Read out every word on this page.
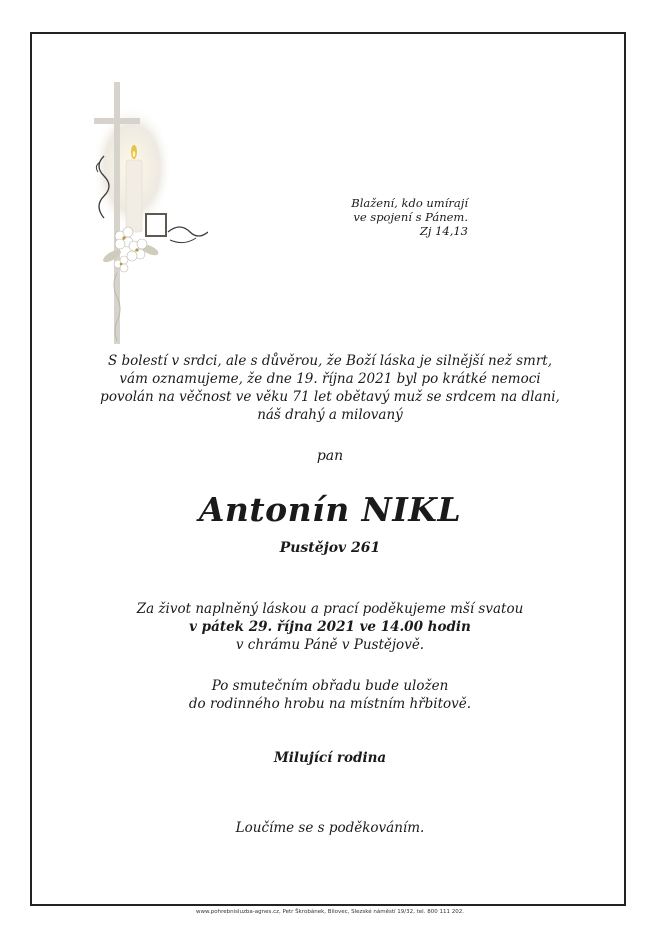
Blažení, kdo umírají
ve spojení s Pánem.
Zj 14,13
S bolestí v srdci, ale s důvěrou, že Boží láska je silnější než smrt,
vám oznamujeme, že dne 19. října 2021 byl po krátké nemoci
povolán na věčnost ve věku 71 let obětavý muž se srdcem na dlani,
náš drahý a milovaný
pan
Antonín NIKL
Pustějov 261
Za život naplněný láskou a prací poděkujeme mší svatou
v pátek 29. října 2021 ve 14.00 hodin
v chrámu Páně v Pustějově.
Po smutečním obřadu bude uložen
do rodinného hrobu na místním hřbitově.
Milující rodina
Loučíme se s poděkováním.
www.pohrebnisluzba-agnes.cz, Petr Škrobánek, Bílovec, Slezské náměstí 19/32, tel. 800 111 202.
